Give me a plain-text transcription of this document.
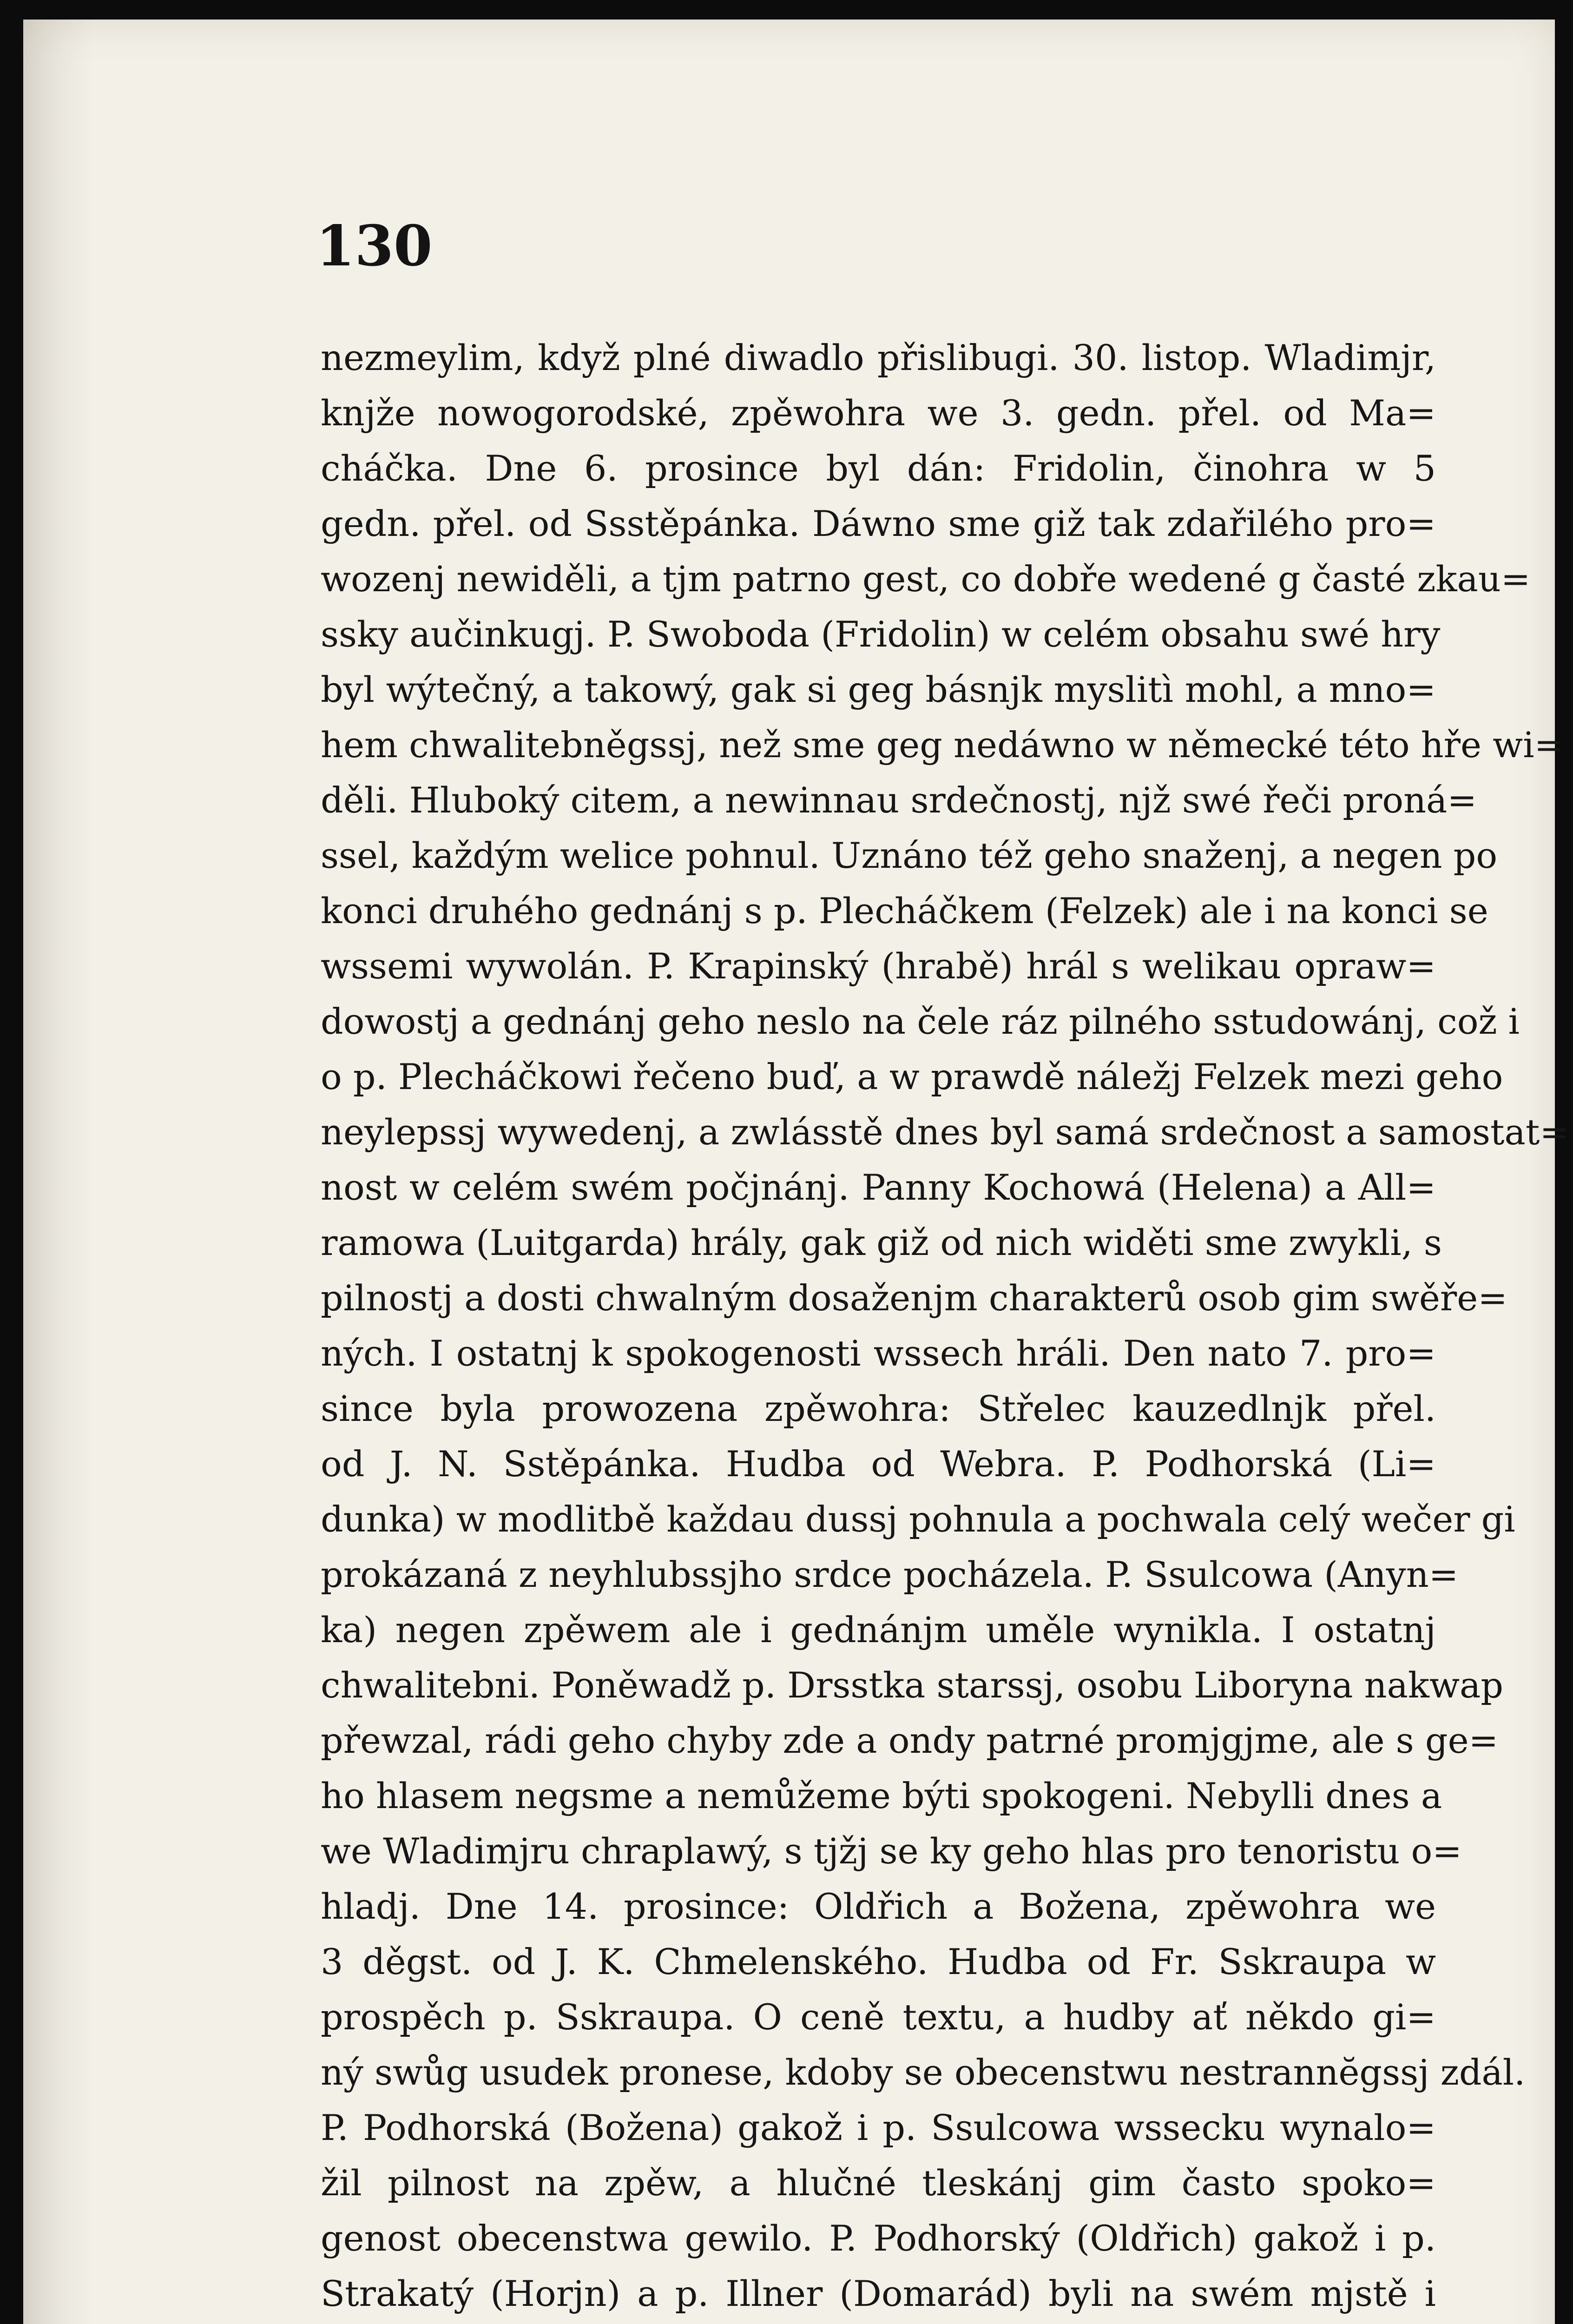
130

nezmeylim, když plné diwadlo přislibugi. 30. listop. Wladimjr,

knjže nowogorodské, zpěwohra we 3. gedn. přel. od Ma=

cháčka. Dne 6. prosince byl dán: Fridolin, činohra w 5

gedn. přel. od Ssstěpánka. Dáwno sme giž tak zdařilého pro=

wozenj newiděli, a tjm patrno gest, co dobře wedené g časté zkau=

ssky aučinkugj. P. Swoboda (Fridolin) w celém obsahu swé hry

byl wýtečný, a takowý, gak si geg básnjk myslitì mohl, a mno=

hem chwalitebněgssj, než sme geg nedáwno w německé této hře wi=

děli. Hluboký citem, a newinnau srdečnostj, njž swé řeči proná=

ssel, každým welice pohnul. Uznáno též geho snaženj, a negen po

konci druhého gednánj s p. Plecháčkem (Felzek) ale i na konci se

wssemi wywolán. P. Krapinský (hrabě) hrál s welikau opraw=

dowostj a gednánj geho neslo na čele ráz pilného sstudowánj, což i

o p. Plecháčkowi řečeno buď, a w prawdě náležj Felzek mezi geho

neylepssj wywedenj, a zwlásstě dnes byl samá srdečnost a samostat=

nost w celém swém počjnánj. Panny Kochowá (Helena) a All=

ramowa (Luitgarda) hrály, gak giž od nich widěti sme zwykli, s

pilnostj a dosti chwalným dosaženjm charakterů osob gim swěře=

ných. I ostatnj k spokogenosti wssech hráli. Den nato 7. pro=

since byla prowozena zpěwohra: Střelec kauzedlnjk přel.

od J. N. Sstěpánka. Hudba od Webra. P. Podhorská (Li=

dunka) w modlitbě každau dussj pohnula a pochwala celý wečer gi

prokázaná z neyhlubssjho srdce pocházela. P. Ssulcowa (Anyn=

ka) negen zpěwem ale i gednánjm uměle wynikla. I ostatnj

chwalitebni. Poněwadž p. Drsstka starssj, osobu Liboryna nakwap

přewzal, rádi geho chyby zde a ondy patrné promjgjme, ale s ge=

ho hlasem negsme a nemůžeme býti spokogeni. Nebylli dnes a

we Wladimjru chraplawý, s tjžj se ky geho hlas pro tenoristu o=

hladj. Dne 14. prosince: Oldřich a Božena, zpěwohra we

3 děgst. od J. K. Chmelenského. Hudba od Fr. Sskraupa w

prospěch p. Sskraupa. O ceně textu, a hudby ať někdo gi=

ný swůg usudek pronese, kdoby se obecenstwu nestrannĕgssj zdál.

P. Podhorská (Božena) gakož i p. Ssulcowa wssecku wynalo=

žil pilnost na zpěw, a hlučné tleskánj gim často spoko=

genost obecenstwa gewilo. P. Podhorský (Oldřich) gakož i p.

Strakatý (Horjn) a p. Illner (Domarád) byli na swém mjstě i
